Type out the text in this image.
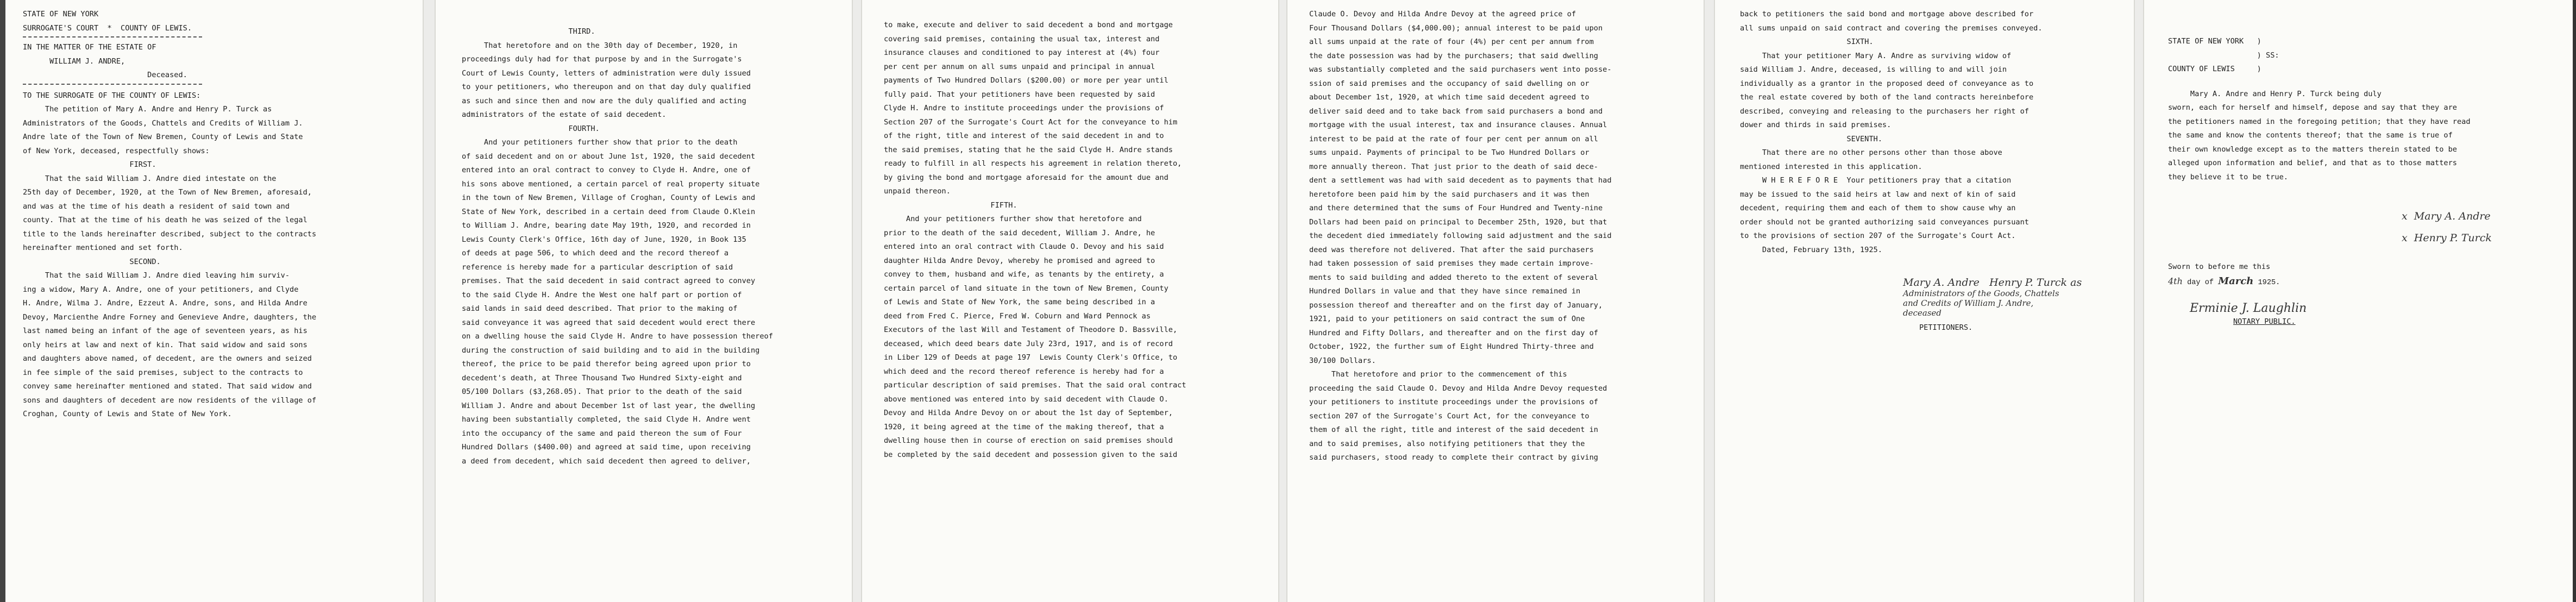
STATE OF NEW YORK
SURROGATE'S COURT  *  COUNTY OF LEWIS.
IN THE MATTER OF THE ESTATE OF
WILLIAM J. ANDRE,
Deceased.
TO THE SURROGATE OF THE COUNTY OF LEWIS:
The petition of Mary A. Andre and Henry P. Turck as
Administrators of the Goods, Chattels and Credits of William J.
Andre late of the Town of New Bremen, County of Lewis and State
of New York, deceased, respectfully shows:
FIRST.
That the said William J. Andre died intestate on the
25th day of December, 1920, at the Town of New Bremen, aforesaid,
and was at the time of his death a resident of said town and
county. That at the time of his death he was seized of the legal
title to the lands hereinafter described, subject to the contracts
hereinafter mentioned and set forth.
SECOND.
That the said William J. Andre died leaving him surviv-
ing a widow, Mary A. Andre, one of your petitioners, and Clyde
H. Andre, Wilma J. Andre, Ezzeut A. Andre, sons, and Hilda Andre
Devoy, Marcienthe Andre Forney and Genevieve Andre, daughters, the
last named being an infant of the age of seventeen years, as his
only heirs at law and next of kin. That said widow and said sons
and daughters above named, of decedent, are the owners and seized
in fee simple of the said premises, subject to the contracts to
convey same hereinafter mentioned and stated. That said widow and
sons and daughters of decedent are now residents of the village of
Croghan, County of Lewis and State of New York.
THIRD.
That heretofore and on the 30th day of December, 1920, in
proceedings duly had for that purpose by and in the Surrogate's
Court of Lewis County, letters of administration were duly issued
to your petitioners, who thereupon and on that day duly qualified
as such and since then and now are the duly qualified and acting
administrators of the estate of said decedent.
FOURTH.
And your petitioners further show that prior to the death
of said decedent and on or about June 1st, 1920, the said decedent
entered into an oral contract to convey to Clyde H. Andre, one of
his sons above mentioned, a certain parcel of real property situate
in the town of New Bremen, Village of Croghan, County of Lewis and
State of New York, described in a certain deed from Claude O.Klein
to William J. Andre, bearing date May 19th, 1920, and recorded in
Lewis County Clerk's Office, 16th day of June, 1920, in Book 135
of deeds at page 506, to which deed and the record thereof a
reference is hereby made for a particular description of said
premises. That the said decedent in said contract agreed to convey
to the said Clyde H. Andre the West one half part or portion of
said lands in said deed described. That prior to the making of
said conveyance it was agreed that said decedent would erect there
on a dwelling house the said Clyde H. Andre to have possession thereof
during the construction of said building and to aid in the building
thereof, the price to be paid therefor being agreed upon prior to
decedent's death, at Three Thousand Two Hundred Sixty-eight and
05/100 Dollars ($3,268.05). That prior to the death of the said
William J. Andre and about December 1st of last year, the dwelling
having been substantially completed, the said Clyde H. Andre went
into the occupancy of the same and paid thereon the sum of Four
Hundred Dollars ($400.00) and agreed at said time, upon receiving
a deed from decedent, which said decedent then agreed to deliver,
to make, execute and deliver to said decedent a bond and mortgage
covering said premises, containing the usual tax, interest and
insurance clauses and conditioned to pay interest at (4%) four
per cent per annum on all sums unpaid and principal in annual
payments of Two Hundred Dollars ($200.00) or more per year until
fully paid. That your petitioners have been requested by said
Clyde H. Andre to institute proceedings under the provisions of
Section 207 of the Surrogate's Court Act for the conveyance to him
of the right, title and interest of the said decedent in and to
the said premises, stating that he the said Clyde H. Andre stands
ready to fulfill in all respects his agreement in relation thereto,
by giving the bond and mortgage aforesaid for the amount due and
unpaid thereon.
FIFTH.
And your petitioners further show that heretofore and
prior to the death of the said decedent, William J. Andre, he
entered into an oral contract with Claude O. Devoy and his said
daughter Hilda Andre Devoy, whereby he promised and agreed to
convey to them, husband and wife, as tenants by the entirety, a
certain parcel of land situate in the town of New Bremen, County
of Lewis and State of New York, the same being described in a
deed from Fred C. Pierce, Fred W. Coburn and Ward Pennock as
Executors of the last Will and Testament of Theodore D. Bassville,
deceased, which deed bears date July 23rd, 1917, and is of record
in Liber 129 of Deeds at page 197  Lewis County Clerk's Office, to
which deed and the record thereof reference is hereby had for a
particular description of said premises. That the said oral contract
above mentioned was entered into by said decedent with Claude O.
Devoy and Hilda Andre Devoy on or about the 1st day of September,
1920, it being agreed at the time of the making thereof, that a
dwelling house then in course of erection on said premises should
be completed by the said decedent and possession given to the said
Claude O. Devoy and Hilda Andre Devoy at the agreed price of
Four Thousand Dollars ($4,000.00); annual interest to be paid upon
all sums unpaid at the rate of four (4%) per cent per annum from
the date possession was had by the purchasers; that said dwelling
was substantially completed and the said purchasers went into posse-
ssion of said premises and the occupancy of said dwelling on or
about December 1st, 1920, at which time said decedent agreed to
deliver said deed and to take back from said purchasers a bond and
mortgage with the usual interest, tax and insurance clauses. Annual
interest to be paid at the rate of four per cent per annum on all
sums unpaid. Payments of principal to be Two Hundred Dollars or
more annually thereon. That just prior to the death of said dece-
dent a settlement was had with said decedent as to payments that had
heretofore been paid him by the said purchasers and it was then
and there determined that the sums of Four Hundred and Twenty-nine
Dollars had been paid on principal to December 25th, 1920, but that
the decedent died immediately following said adjustment and the said
deed was therefore not delivered. That after the said purchasers
had taken possession of said premises they made certain improve-
ments to said building and added thereto to the extent of several
Hundred Dollars in value and that they have since remained in
possession thereof and thereafter and on the first day of January,
1921, paid to your petitioners on said contract the sum of One
Hundred and Fifty Dollars, and thereafter and on the first day of
October, 1922, the further sum of Eight Hundred Thirty-three and
30/100 Dollars.
That heretofore and prior to the commencement of this
proceeding the said Claude O. Devoy and Hilda Andre Devoy requested
your petitioners to institute proceedings under the provisions of
section 207 of the Surrogate's Court Act, for the conveyance to
them of all the right, title and interest of the said decedent in
and to said premises, also notifying petitioners that they the
said purchasers, stood ready to complete their contract by giving
back to petitioners the said bond and mortgage above described for
all sums unpaid on said contract and covering the premises conveyed.
SIXTH.
That your petitioner Mary A. Andre as surviving widow of
said William J. Andre, deceased, is willing to and will join
individually as a grantor in the proposed deed of conveyance as to
the real estate covered by both of the land contracts hereinbefore
described, conveying and releasing to the purchasers her right of
dower and thirds in said premises.
SEVENTH.
That there are no other persons other than those above
mentioned interested in this application.
W H E R E F O R E  Your petitioners pray that a citation
may be issued to the said heirs at law and next of kin of said
decedent, requiring them and each of them to show cause why an
order should not be granted authorizing said conveyances pursuant
to the provisions of section 207 of the Surrogate's Court Act.
Dated, February 13th, 1925.
Mary A. Andre   Henry P. Turck as
Administrators of the Goods, Chattels
and Credits of William J. Andre,
deceased
PETITIONERS.
STATE OF NEW YORK   )
) SS:
COUNTY OF LEWIS     )
Mary A. Andre and Henry P. Turck being duly
sworn, each for herself and himself, depose and say that they are
the petitioners named in the foregoing petition; that they have read
the same and know the contents thereof; that the same is true of
their own knowledge except as to the matters therein stated to be
alleged upon information and belief, and that as to those matters
they believe it to be true.
x  Mary A. Andre
x  Henry P. Turck
Sworn to before me this
4th day of March 1925.
Erminie J. Laughlin
NOTARY PUBLIC.
